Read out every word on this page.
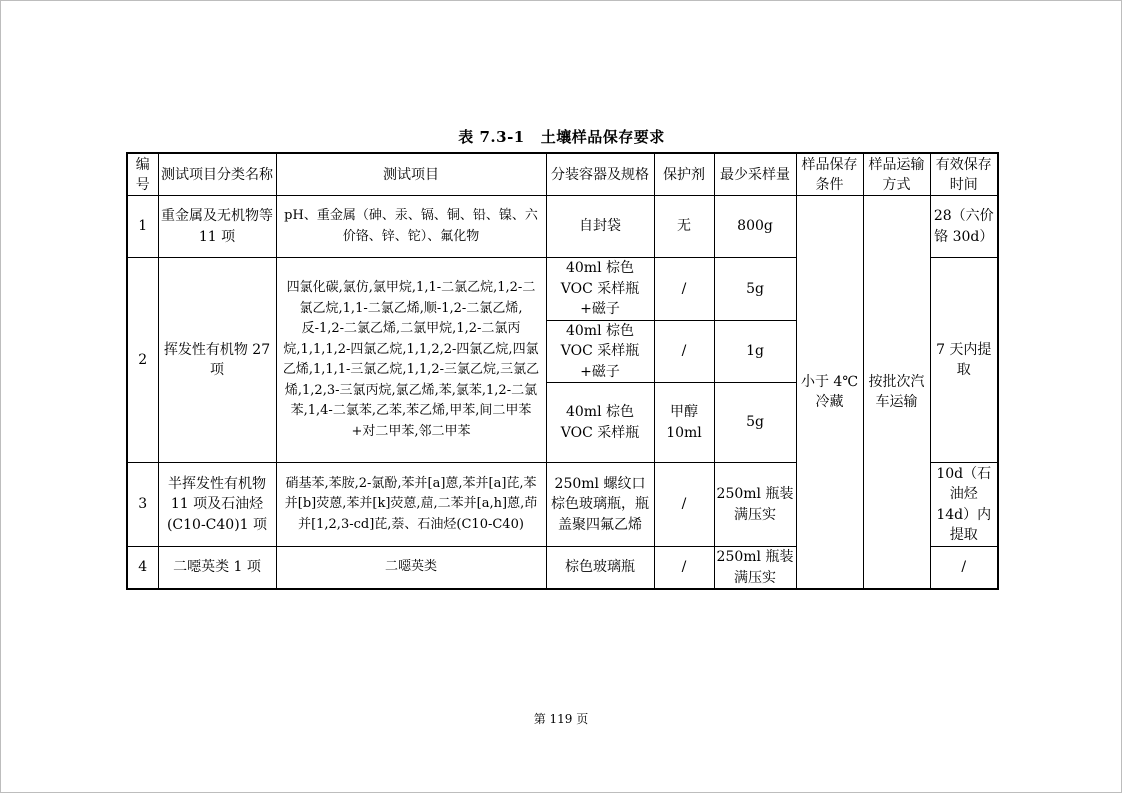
表 7.3-1 土壤样品保存要求
编号	测试项目分类名称	测试项目	分装容器及规格	保护剂	最少采样量	样品保存条件	样品运输方式	有效保存时间
1	重金属及无机物等 11 项	pH、重金属（砷、汞、镉、铜、铅、镍、六价铬、锌、铊）、氟化物	自封袋	无	800g	小于 4℃冷藏	按批次汽车运输	28（六价铬 30d）
2	挥发性有机物 27 项	四氯化碳,氯仿,氯甲烷,1,1-二氯乙烷,1,2-二氯乙烷,1,1-二氯乙烯,顺-1,2-二氯乙烯,反-1,2-二氯乙烯,二氯甲烷,1,2-二氯丙烷,1,1,1,2-四氯乙烷,1,1,2,2-四氯乙烷,四氯乙烯,1,1,1-三氯乙烷,1,1,2-三氯乙烷,三氯乙烯,1,2,3-三氯丙烷,氯乙烯,苯,氯苯,1,2-二氯苯,1,4-二氯苯,乙苯,苯乙烯,甲苯,间二甲苯+对二甲苯,邻二甲苯	40ml 棕色 VOC 采样瓶+磁子	/	5g			7 天内提取
			40ml 棕色 VOC 采样瓶+磁子	/	1g			
			40ml 棕色 VOC 采样瓶	甲醇 10ml	5g			
3	半挥发性有机物 11 项及石油烃(C10-C40)1 项	硝基苯,苯胺,2-氯酚,苯并[a]蒽,苯并[a]芘,苯并[b]荧蒽,苯并[k]荧蒽,䓛,二苯并[a,h]蒽,茚并[1,2,3-cd]芘,萘、石油烃(C10-C40)	250ml 螺纹口棕色玻璃瓶，瓶盖聚四氟乙烯	/	250ml 瓶装满压实			10d（石油烃 14d）内提取
4	二噁英类 1 项	二噁英类	棕色玻璃瓶	/	250ml 瓶装满压实			/
第 119 页
